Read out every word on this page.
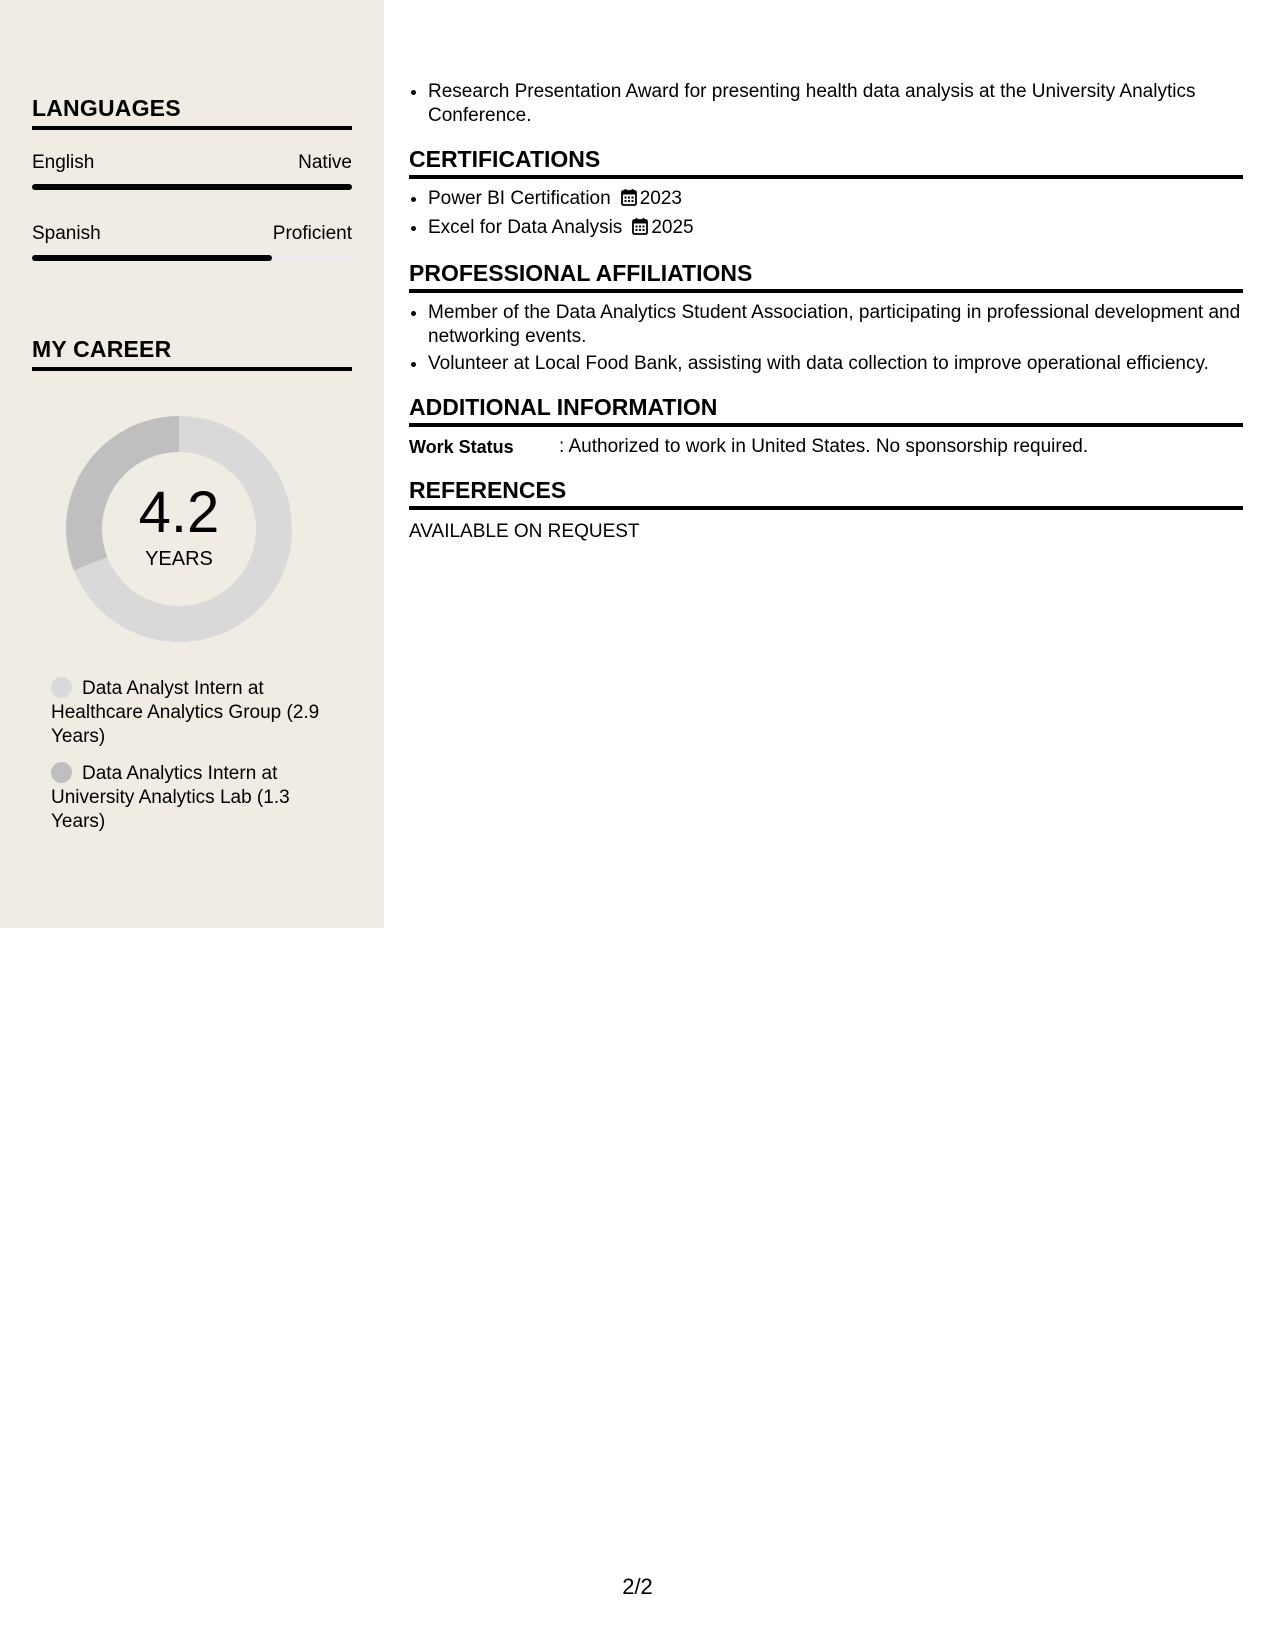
LANGUAGES
English	Native
Spanish	Proficient
MY CAREER
4.2
YEARS
Data Analyst Intern at Healthcare Analytics Group (2.9 Years)
Data Analytics Intern at University Analytics Lab (1.3 Years)
• Research Presentation Award for presenting health data analysis at the University Analytics Conference.
CERTIFICATIONS
• Power BI Certification 2023
• Excel for Data Analysis 2025
PROFESSIONAL AFFILIATIONS
• Member of the Data Analytics Student Association, participating in professional development and networking events.
• Volunteer at Local Food Bank, assisting with data collection to improve operational efficiency.
ADDITIONAL INFORMATION
Work Status	: Authorized to work in United States. No sponsorship required.
REFERENCES
AVAILABLE ON REQUEST
2/2
